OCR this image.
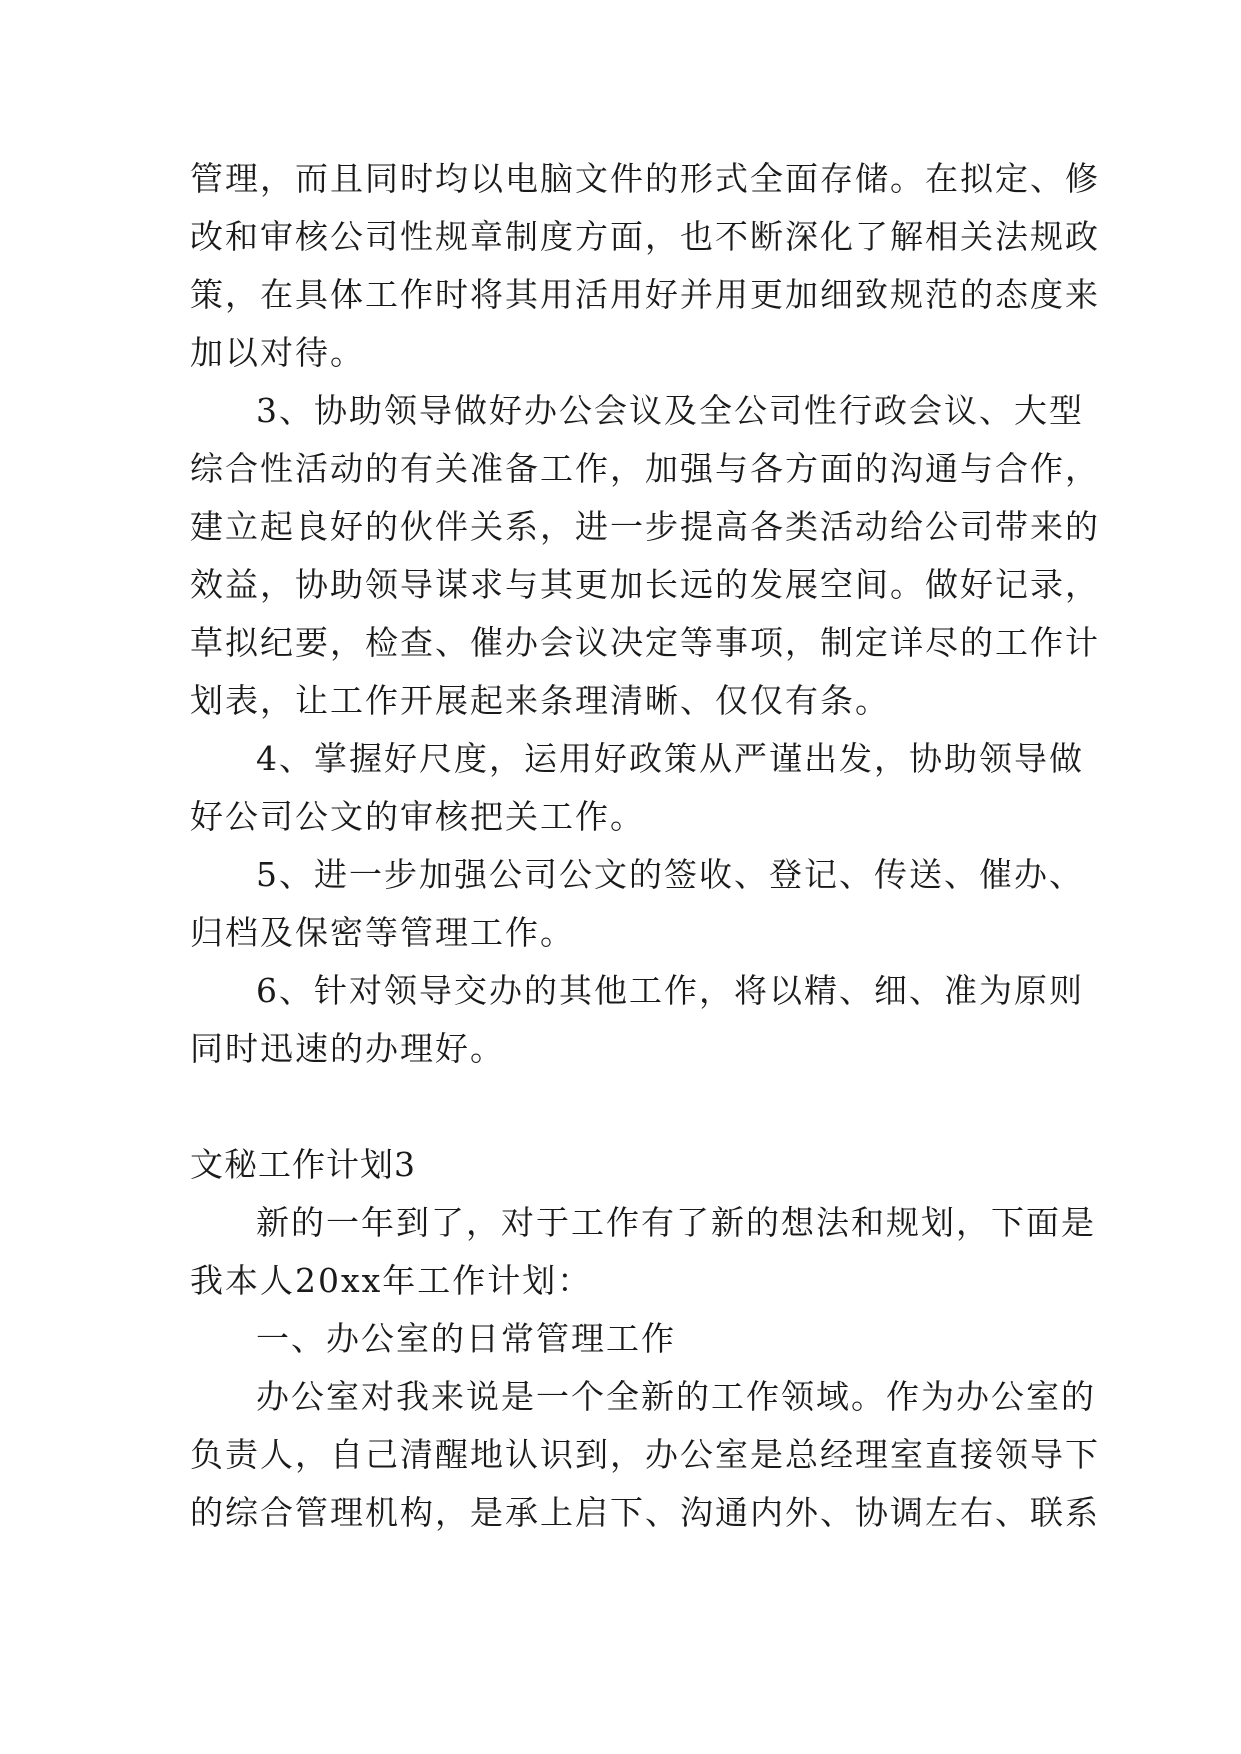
管理，而且同时均以电脑文件的形式全面存储。在拟定、修
改和审核公司性规章制度方面，也不断深化了解相关法规政
策，在具体工作时将其用活用好并用更加细致规范的态度来
加以对待。
3、协助领导做好办公会议及全公司性行政会议、大型
综合性活动的有关准备工作，加强与各方面的沟通与合作，
建立起良好的伙伴关系，进一步提高各类活动给公司带来的
效益，协助领导谋求与其更加长远的发展空间。做好记录，
草拟纪要，检查、催办会议决定等事项，制定详尽的工作计
划表，让工作开展起来条理清晰、仅仅有条。
4、掌握好尺度，运用好政策从严谨出发，协助领导做
好公司公文的审核把关工作。
5、进一步加强公司公文的签收、登记、传送、催办、
归档及保密等管理工作。
6、针对领导交办的其他工作，将以精、细、准为原则
同时迅速的办理好。
文秘工作计划3
新的一年到了，对于工作有了新的想法和规划，下面是
我本人20xx年工作计划：
一、办公室的日常管理工作
办公室对我来说是一个全新的工作领域。作为办公室的
负责人，自己清醒地认识到，办公室是总经理室直接领导下
的综合管理机构，是承上启下、沟通内外、协调左右、联系
